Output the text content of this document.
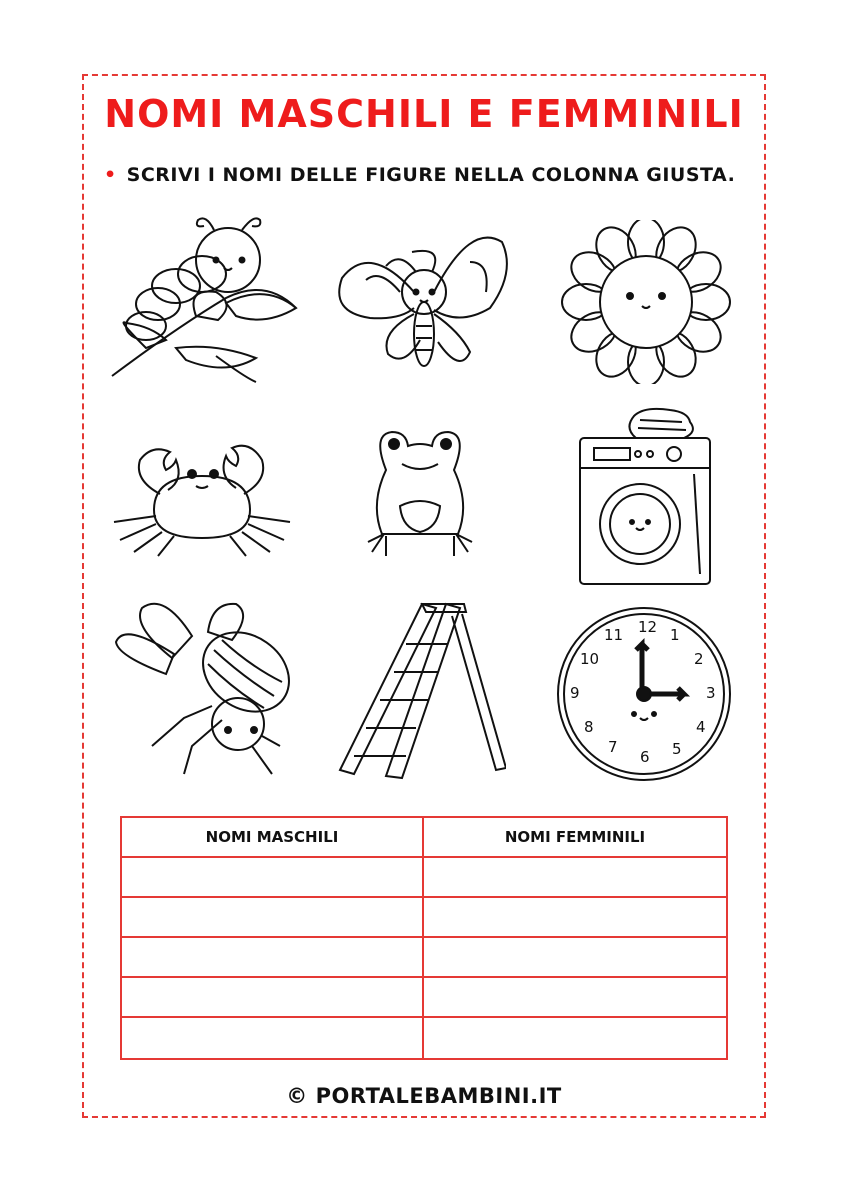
NOMI MASCHILI E FEMMINILI
• SCRIVI I NOMI DELLE FIGURE NELLA COLONNA GIUSTA.
12 1
2
3
4
5
6
7
8
9
10
11
NOMI MASCHILI	NOMI FEMMINILI
© PORTALEBAMBINI.IT
